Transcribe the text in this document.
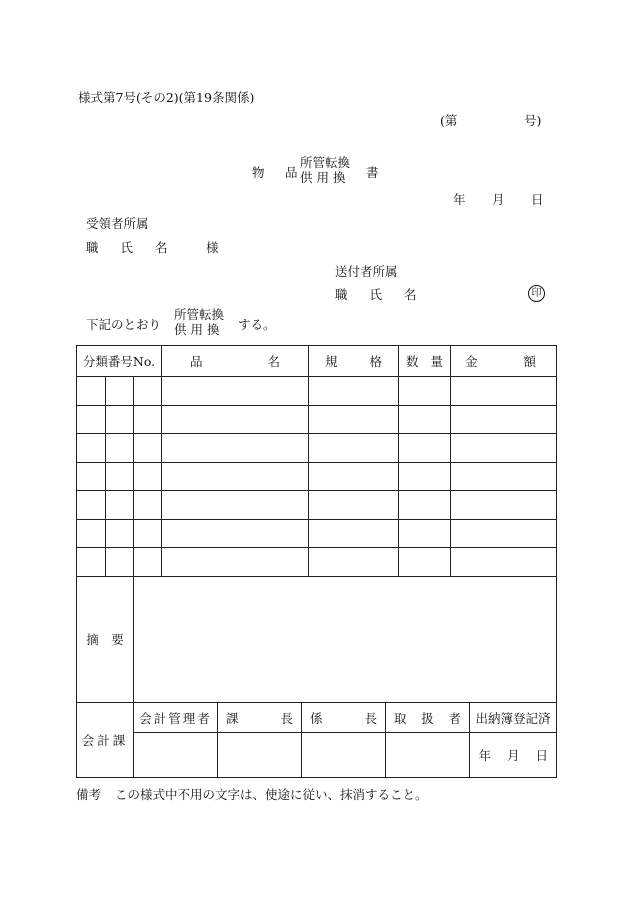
様式第7号(その2)(第19条関係)
(第	号)
物　品
所管転換
供 用 換	書
年 月 日
受領者所属
職 氏 名 様
送付者所属
職 氏 名	印
下記のとおり
所管転換
供 用 換	する。
分類番号No.			品 名	規 格	数 量	金 額

摘　要						
会計課	会計管理者	課 長	係 長	取 扱 者	出納簿登記済
					年 月 日
備考 この様式中不用の文字は、使途に従い、抹消すること。
